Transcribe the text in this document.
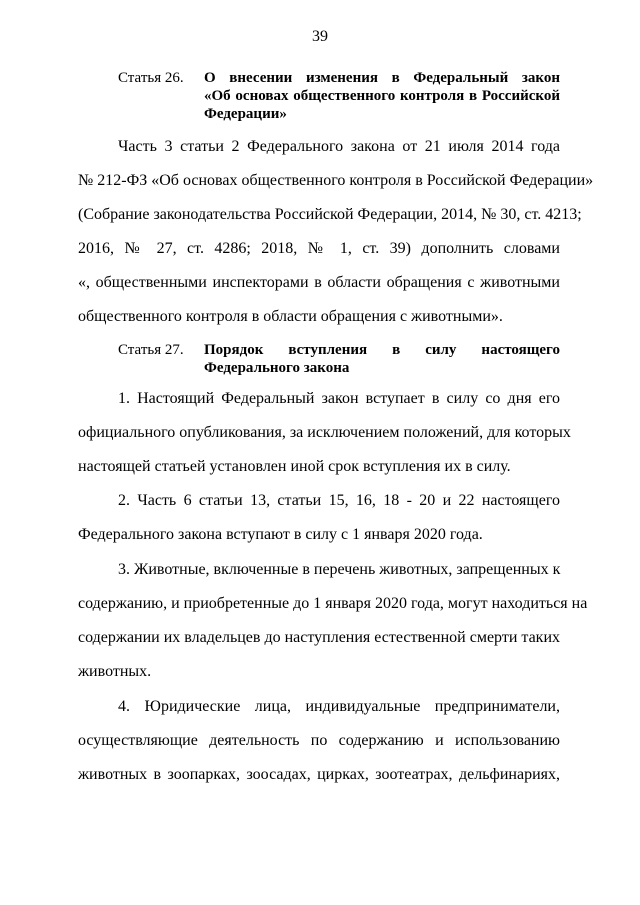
39
Статья 26. О внесении изменения в Федеральный закон
«Об основах общественного контроля в Российской
Федерации»
Часть 3 статьи 2 Федерального закона от 21 июля 2014 года
№ 212-ФЗ «Об основах общественного контроля в Российской Федерации»
(Собрание законодательства Российской Федерации, 2014, № 30, ст. 4213;
2016, № 27, ст. 4286; 2018, № 1, ст. 39) дополнить словами
«, общественными инспекторами в области обращения с животными
общественного контроля в области обращения с животными».
Статья 27. Порядок вступления в силу настоящего
Федерального закона
1. Настоящий Федеральный закон вступает в силу со дня его
официального опубликования, за исключением положений, для которых
настоящей статьей установлен иной срок вступления их в силу.
2. Часть 6 статьи 13, статьи 15, 16, 18 - 20 и 22 настоящего
Федерального закона вступают в силу с 1 января 2020 года.
3. Животные, включенные в перечень животных, запрещенных к
содержанию, и приобретенные до 1 января 2020 года, могут находиться на
содержании их владельцев до наступления естественной смерти таких
животных.
4. Юридические лица, индивидуальные предприниматели,
осуществляющие деятельность по содержанию и использованию
животных в зоопарках, зоосадах, цирках, зоотеатрах, дельфинариях,
